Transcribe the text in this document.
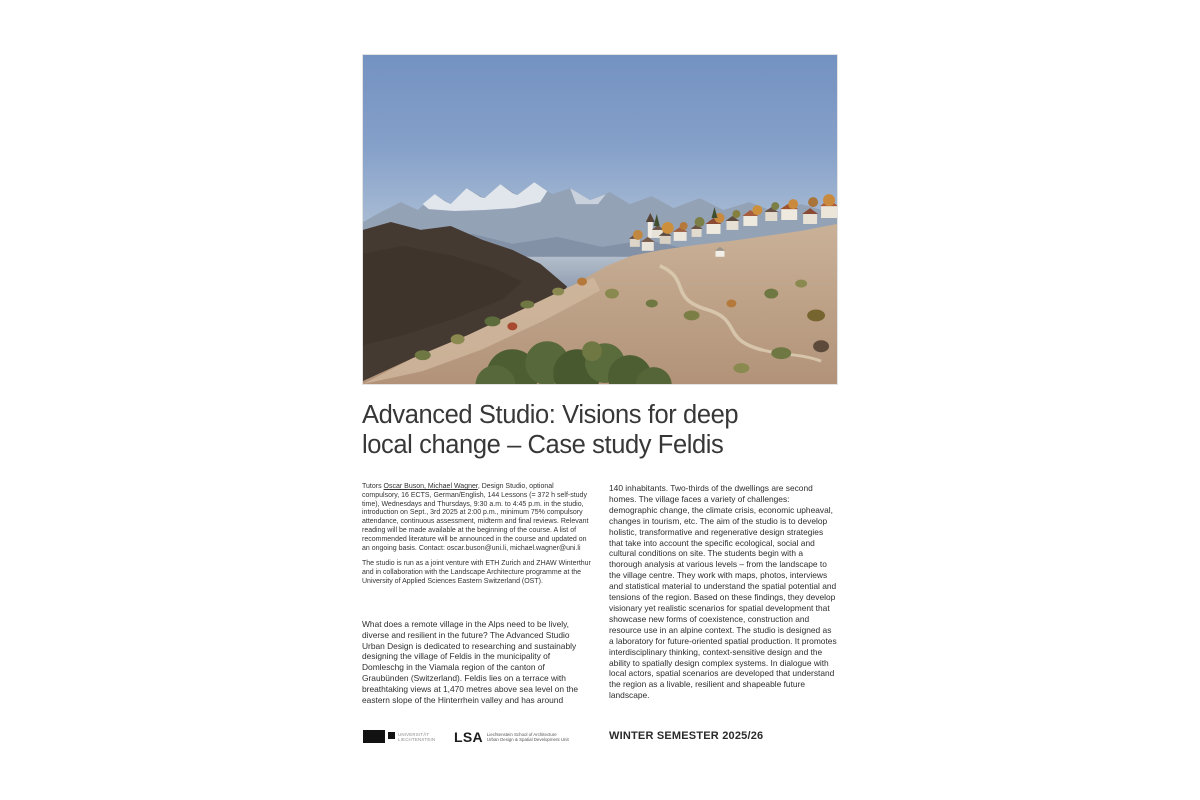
Advanced Studio: Visions for deep
local change – Case study Feldis

Tutors Oscar Buson, Michael Wagner, Design Studio, optional compulsory, 16 ECTS, German/English, 144 Lessons (= 372 h self-study time), Wednesdays and Thursdays, 9:30 a.m. to 4:45 p.m. in the studio, introduction on Sept., 3rd 2025 at 2:00 p.m., minimum 75% compulsory attendance, continuous assessment, midterm and final reviews. Relevant reading will be made available at the beginning of the course. A list of recommended literature will be announced in the course and updated on an ongoing basis. Contact: oscar.buson@uni.li, michael.wagner@uni.li

The studio is run as a joint venture with ETH Zurich and ZHAW Winterthur and in collaboration with the Landscape Architecture programme at the University of Applied Sciences Eastern Switzerland (OST).

What does a remote village in the Alps need to be lively, diverse and resilient in the future? The Advanced Studio Urban Design is dedicated to researching and sustainably designing the village of Feldis in the municipality of Domleschg in the Viamala region of the canton of Graubünden (Switzerland). Feldis lies on a terrace with breathtaking views at 1,470 metres above sea level on the eastern slope of the Hinterrhein valley and has around

140 inhabitants. Two-thirds of the dwellings are second homes. The village faces a variety of challenges: demographic change, the climate crisis, economic upheaval, changes in tourism, etc. The aim of the studio is to develop holistic, transformative and regenerative design strategies that take into account the specific ecological, social and cultural conditions on site. The students begin with a thorough analysis at various levels – from the landscape to the village centre. They work with maps, photos, interviews and statistical material to understand the spatial potential and tensions of the region. Based on these findings, they develop visionary yet realistic scenarios for spatial development that showcase new forms of coexistence, construction and resource use in an alpine context. The studio is designed as a laboratory for future-oriented spatial production. It promotes interdisciplinary thinking, context-sensitive design and the ability to spatially design complex systems. In dialogue with local actors, spatial scenarios are developed that understand the region as a livable, resilient and shapeable future landscape.

UNIVERSITÄT
LIECHTENSTEIN LSA Liechtenstein School of Architecture
Urban Design & Spatial Development Unit	WINTER SEMESTER 2025/26
